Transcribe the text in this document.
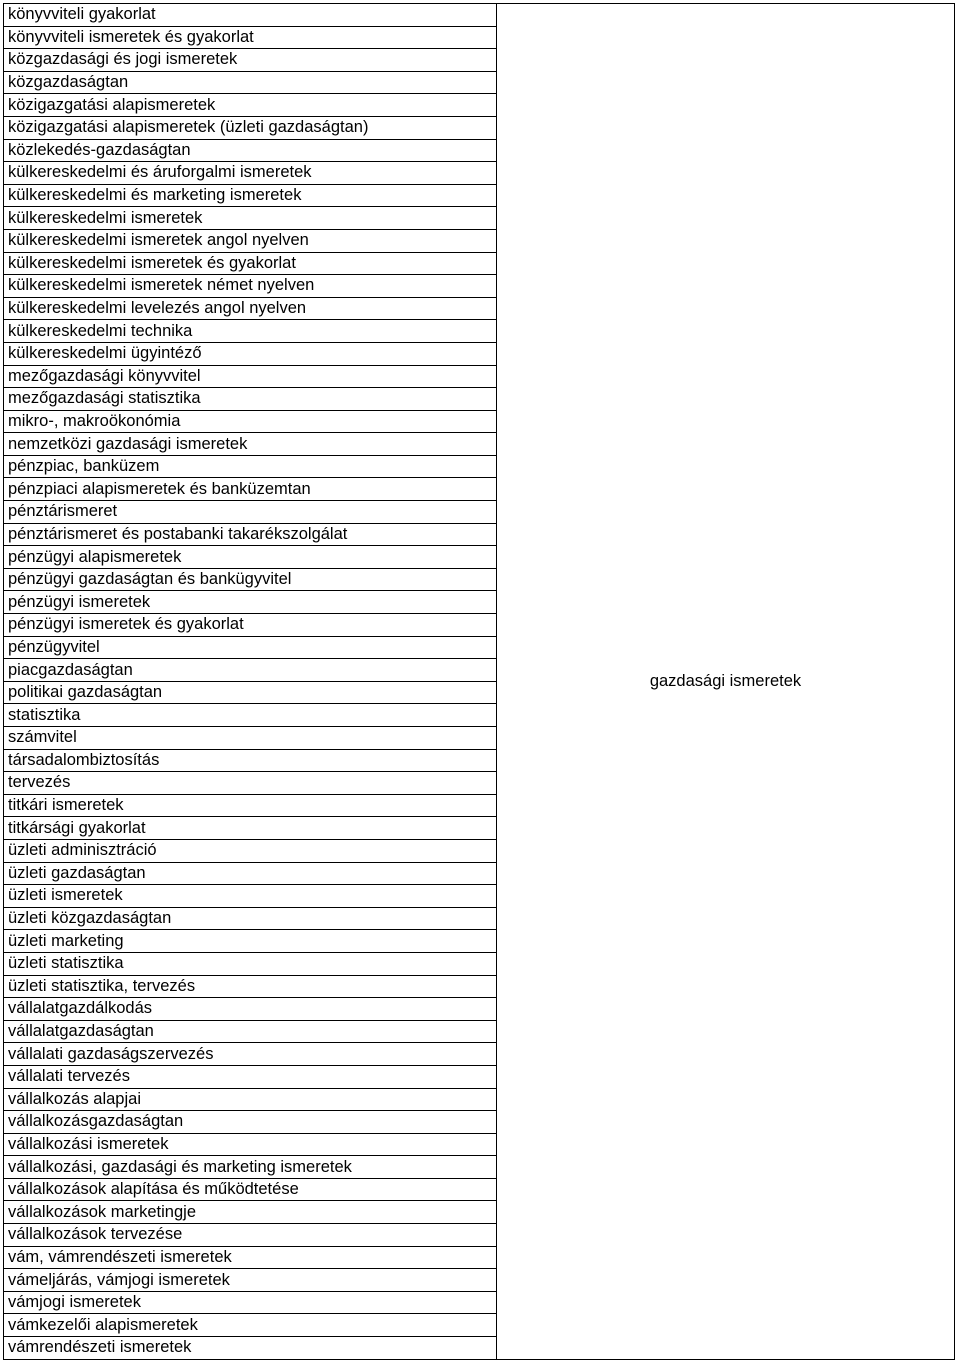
könyvviteli gyakorlat	gazdasági ismeretek
könyvviteli ismeretek és gyakorlat
közgazdasági és jogi ismeretek
közgazdaságtan
közigazgatási alapismeretek
közigazgatási alapismeretek (üzleti gazdaságtan)
közlekedés-gazdaságtan
külkereskedelmi és áruforgalmi ismeretek
külkereskedelmi és marketing ismeretek
külkereskedelmi ismeretek
külkereskedelmi ismeretek angol nyelven
külkereskedelmi ismeretek és gyakorlat
külkereskedelmi ismeretek német nyelven
külkereskedelmi levelezés angol nyelven
külkereskedelmi technika
külkereskedelmi ügyintéző
mezőgazdasági könyvvitel
mezőgazdasági statisztika
mikro-, makroökonómia
nemzetközi gazdasági ismeretek
pénzpiac, banküzem
pénzpiaci alapismeretek és banküzemtan
pénztárismeret
pénztárismeret és postabanki takarékszolgálat
pénzügyi alapismeretek
pénzügyi gazdaságtan és bankügyvitel
pénzügyi ismeretek
pénzügyi ismeretek és gyakorlat
pénzügyvitel
piacgazdaságtan
politikai gazdaságtan
statisztika
számvitel
társadalombiztosítás
tervezés
titkári ismeretek
titkársági gyakorlat
üzleti adminisztráció
üzleti gazdaságtan
üzleti ismeretek
üzleti közgazdaságtan
üzleti marketing
üzleti statisztika
üzleti statisztika, tervezés
vállalatgazdálkodás
vállalatgazdaságtan
vállalati gazdaságszervezés
vállalati tervezés
vállalkozás alapjai
vállalkozásgazdaságtan
vállalkozási ismeretek
vállalkozási, gazdasági és marketing ismeretek
vállalkozások alapítása és működtetése
vállalkozások marketingje
vállalkozások tervezése
vám, vámrendészeti ismeretek
vámeljárás, vámjogi ismeretek
vámjogi ismeretek
vámkezelői alapismeretek
vámrendészeti ismeretek
